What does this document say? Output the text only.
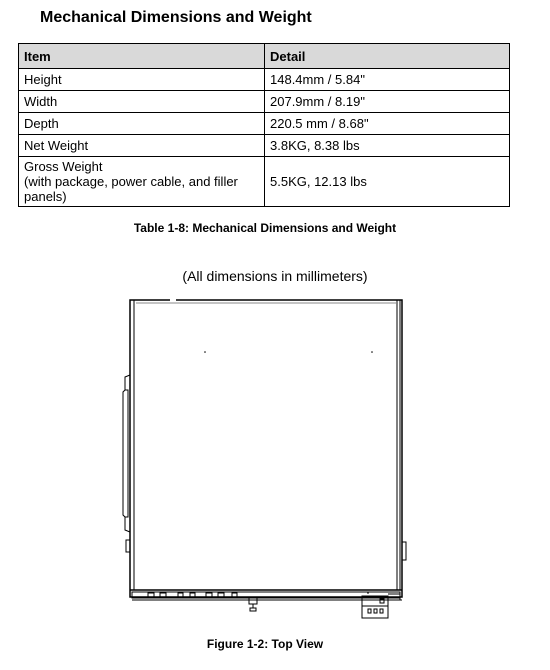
Mechanical Dimensions and Weight
Item	Detail
Height	148.4mm / 5.84"
Width	207.9mm / 8.19"
Depth	220.5 mm / 8.68"
Net Weight	3.8KG, 8.38 lbs
Gross Weight
(with package, power cable, and filler
panels)	5.5KG, 12.13 lbs
Table 1-8: Mechanical Dimensions and Weight
(All dimensions in millimeters)
Figure 1-2: Top View
